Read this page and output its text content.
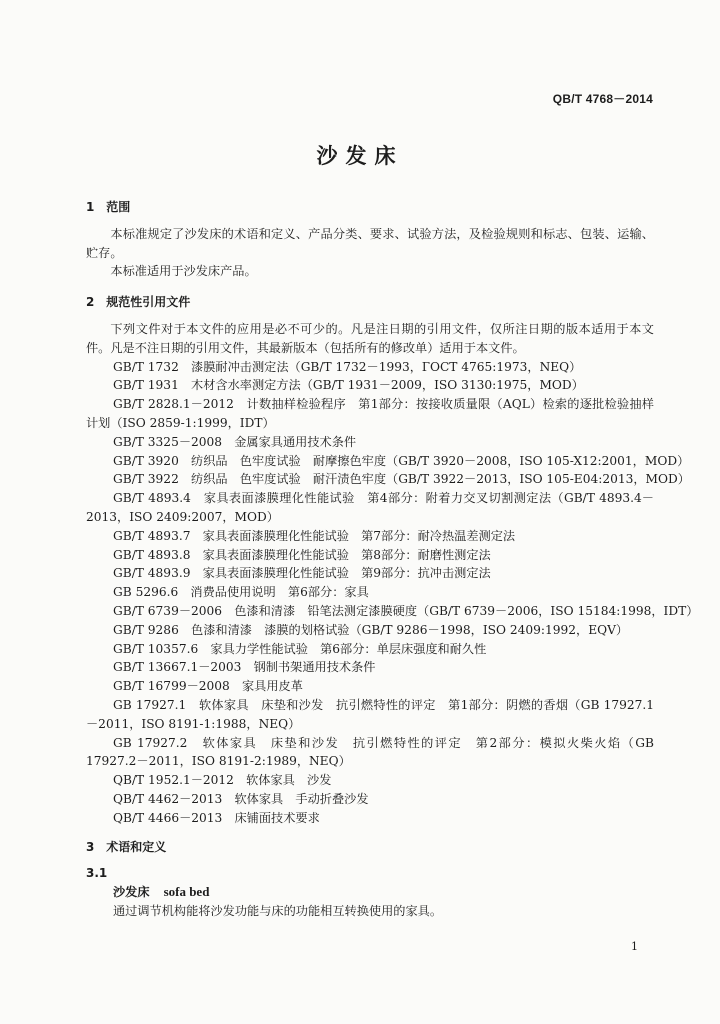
QB/T 4768－2014
沙发床
1 范围

本标准规定了沙发床的术语和定义、产品分类、要求、试验方法，及检验规则和标志、包装、运输、贮存。

本标准适用于沙发床产品。

2 规范性引用文件

下列文件对于本文件的应用是必不可少的。凡是注日期的引用文件，仅所注日期的版本适用于本文件。凡是不注日期的引用文件，其最新版本（包括所有的修改单）适用于本文件。

GB/T 1732　漆膜耐冲击测定法（GB/T 1732－1993，ГОСТ 4765:1973，NEQ）

GB/T 1931　木材含水率测定方法（GB/T 1931－2009，ISO 3130:1975，MOD）

GB/T 2828.1－2012　计数抽样检验程序　第1部分：按接收质量限（AQL）检索的逐批检验抽样计划（ISO 2859-1:1999，IDT）

GB/T 3325－2008　金属家具通用技术条件

GB/T 3920　纺织品　色牢度试验　耐摩擦色牢度（GB/T 3920－2008，ISO 105-X12:2001，MOD）

GB/T 3922　纺织品　色牢度试验　耐汗渍色牢度（GB/T 3922－2013，ISO 105-E04:2013，MOD）

GB/T 4893.4　家具表面漆膜理化性能试验　第4部分：附着力交叉切割测定法（GB/T 4893.4－2013，ISO 2409:2007，MOD）

GB/T 4893.7　家具表面漆膜理化性能试验　第7部分：耐冷热温差测定法

GB/T 4893.8　家具表面漆膜理化性能试验　第8部分：耐磨性测定法

GB/T 4893.9　家具表面漆膜理化性能试验　第9部分：抗冲击测定法

GB 5296.6　消费品使用说明　第6部分：家具

GB/T 6739－2006　色漆和清漆　铅笔法测定漆膜硬度（GB/T 6739－2006，ISO 15184:1998，IDT）

GB/T 9286　色漆和清漆　漆膜的划格试验（GB/T 9286－1998，ISO 2409:1992，EQV）

GB/T 10357.6　家具力学性能试验　第6部分：单层床强度和耐久性

GB/T 13667.1－2003　钢制书架通用技术条件

GB/T 16799－2008　家具用皮革

GB 17927.1　软体家具　床垫和沙发　抗引燃特性的评定　第1部分：阴燃的香烟（GB 17927.1－2011，ISO 8191-1:1988，NEQ）

GB 17927.2　软体家具　床垫和沙发　抗引燃特性的评定　第2部分：模拟火柴火焰（GB 17927.2－2011，ISO 8191-2:1989，NEQ）

QB/T 1952.1－2012　软体家具　沙发

QB/T 4462－2013　软体家具　手动折叠沙发

QB/T 4466－2013　床铺面技术要求

3 术语和定义
3.1

沙发床 sofa bed

通过调节机构能将沙发功能与床的功能相互转换使用的家具。

1
